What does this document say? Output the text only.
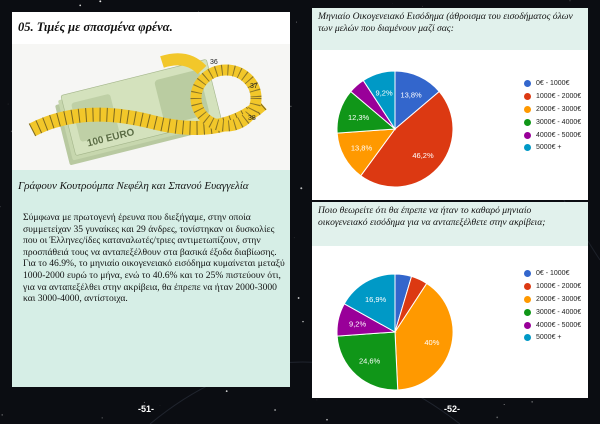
05. Τιμές με σπασμένα φρένα.
100 EURO
36
37
38
Γράφουν Κουτρούμπα Νεφέλη και Σπανού Ευαγγελία

Σύμφωνα με πρωτογενή έρευνα που διεξήγαμε, στην οποία συμμετείχαν 35 γυναίκες και 29 άνδρες, τονίστηκαν οι δυσκολίες που οι Έλληνες/ίδες καταναλωτές/τριες αντιμετωπίζουν, στην προσπάθειά τους να ανταπεξέλθουν στα βασικά έξοδα διαβίωσης. Για το 46.9%, το μηνιαίο οικογενειακό εισόδημα κυμαίνεται μεταξύ 1000-2000 ευρώ το μήνα, ενώ το 40.6% και το 25% πιστεύουν ότι, για να ανταπεξέλθει στην ακρίβεια, θα έπρεπε να ήταν 2000-3000 και 3000-4000, αντίστοιχα.

-51-
Μηνιαίο Οικογενειακό Εισόδημα (άθροισμα του εισοδήματος όλων των μελών που διαμένουν μαζί σας:
13,8%
46,2%
13,8%
12,3%
9,2%
0€ - 1000€
1000€ - 2000€
2000€ - 3000€
3000€ - 4000€
4000€ - 5000€
5000€ +
Ποιο θεωρείτε ότι θα έπρεπε να ήταν το καθαρό μηνιαίο οικογενειακό εισόδημα για να ανταπεξέλθετε στην ακρίβεια;
40%
24,6%
9,2%
16,9%
0€ - 1000€
1000€ - 2000€
2000€ - 3000€
3000€ - 4000€
4000€ - 5000€
5000€ +
-52-
